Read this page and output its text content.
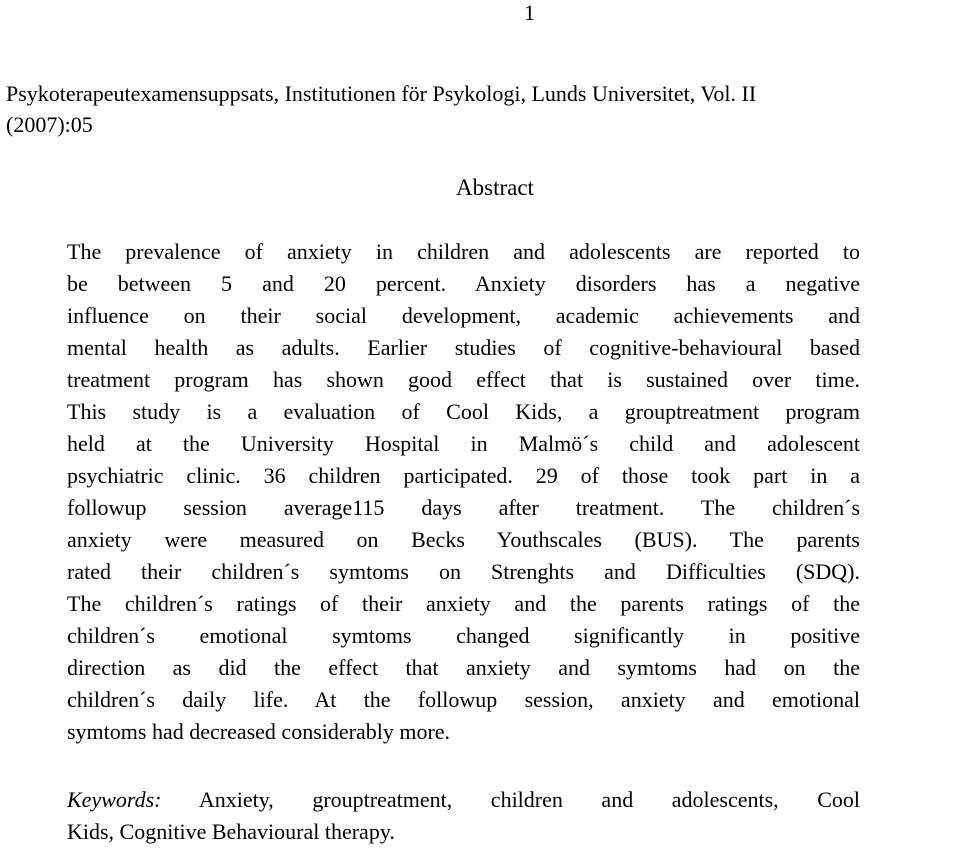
1
Psykoterapeutexamensuppsats, Institutionen för Psykologi, Lunds Universitet, Vol. II
(2007):05
Abstract
The prevalence of anxiety in children and adolescents are reported to
be between 5 and 20 percent. Anxiety disorders has a negative
influence on their social development, academic achievements and
mental health as adults. Earlier studies of cognitive-behavioural based
treatment program has shown good effect that is sustained over time.
This study is a evaluation of Cool Kids, a grouptreatment program
held at the University Hospital in Malmö´s child and adolescent
psychiatric clinic. 36 children participated. 29 of those took part in a
followup session average115 days after treatment. The children´s
anxiety were measured on Becks Youthscales (BUS). The parents
rated their children´s symtoms on Strenghts and Difficulties (SDQ).
The children´s ratings of their anxiety and the parents ratings of the
children´s emotional symtoms changed significantly in positive
direction as did the effect that anxiety and symtoms had on the
children´s daily life. At the followup session, anxiety and emotional
symtoms had decreased considerably more.
Keywords: Anxiety, grouptreatment, children and adolescents, Cool
Kids, Cognitive Behavioural therapy.
